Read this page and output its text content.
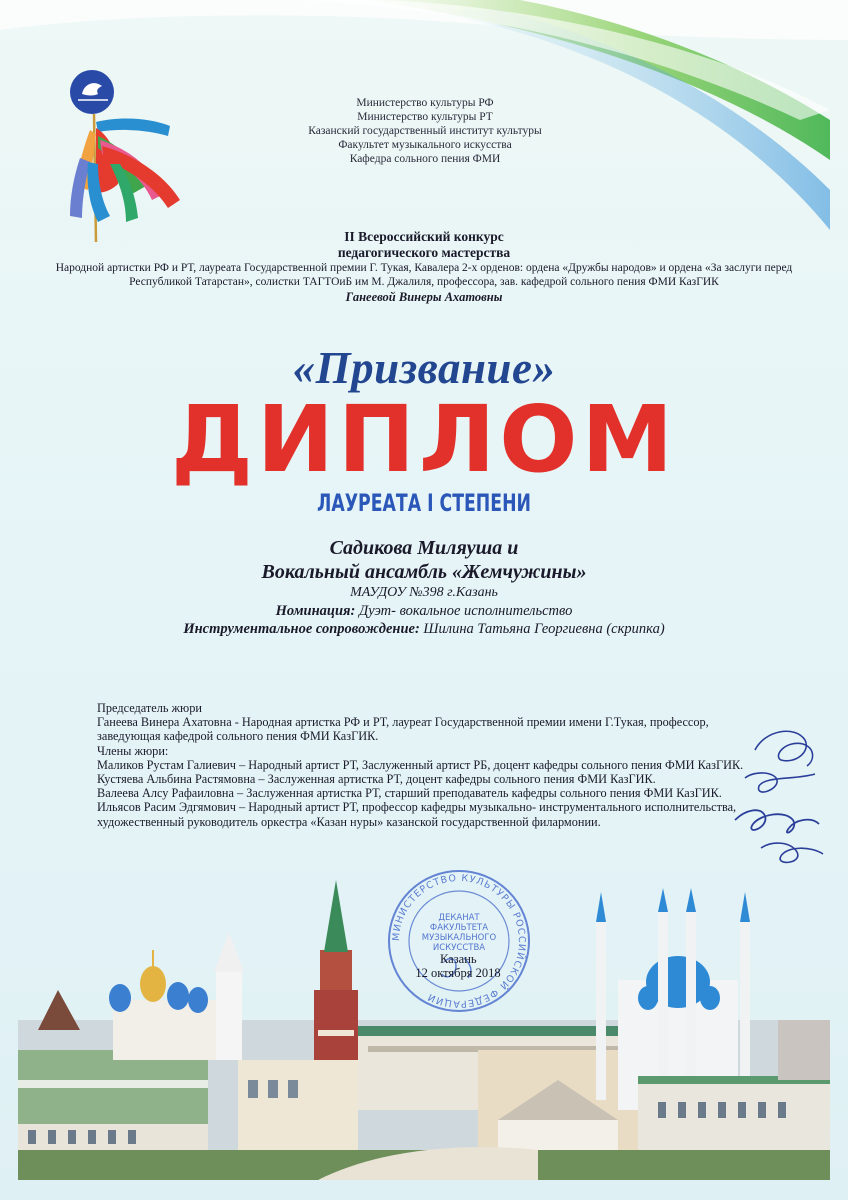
Министерство культуры РФ
Министерство культуры РТ
Казанский государственный институт культуры
Факультет музыкального искусства
Кафедра сольного пения ФМИ
II Всероссийский конкурс
педагогического мастерства
Народной артистки РФ и РТ, лауреата Государственной премии Г. Тукая, Кавалера 2-х орденов: ордена «Дружбы народов» и ордена «За заслуги перед Республикой Татарстан», солистки ТАГТОиБ им М. Джалиля, профессора, зав. кафедрой сольного пения ФМИ КазГИК
Ганеевой Винеры Ахатовны
«Призвание»
ДИПЛОМ
ЛАУРЕАТА I СТЕПЕНИ
Садикова Миляуша и
Вокальный ансамбль «Жемчужины»
МАУДОУ №398 г.Казань
Номинация: Дуэт- вокальное исполнительство
Инструментальное сопровождение: Шилина Татьяна Георгиевна (скрипка)

Председатель жюри

Ганеева Винера Ахатовна - Народная артистка РФ и РТ, лауреат Государственной премии имени Г.Тукая, профессор, заведующая кафедрой сольного пения ФМИ КазГИК.

Члены жюри:

Маликов Рустам Галиевич – Народный артист РТ, Заслуженный артист РБ, доцент кафедры сольного пения ФМИ КазГИК.

Кустяева Альбина Растямовна – Заслуженная артистка РТ, доцент кафедры сольного пения ФМИ КазГИК.

Валеева Алсу Рафаиловна – Заслуженная артистка РТ, старший преподаватель кафедры сольного пения ФМИ КазГИК.

Ильясов Расим Эдгямович – Народный артист РТ, профессор кафедры музыкально- инструментального исполнительства, художественный руководитель оркестра «Казан нуры» казанской государственной филармонии.

МИНИСТЕРСТВО КУЛЬТУРЫ РОССИЙСКОЙ ФЕДЕРАЦИИ
ДЕКАНАТ
ФАКУЛЬТЕТА
МУЗЫКАЛЬНОГО
ИСКУССТВА
Казань
12 октября 2018
